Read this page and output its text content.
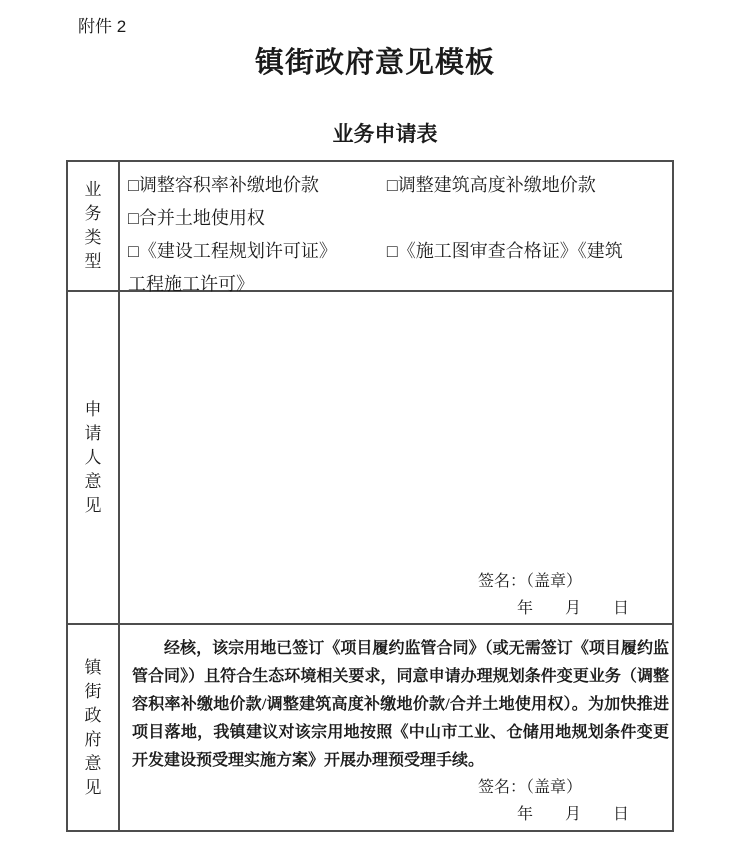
附件 2
镇街政府意见模板
业务申请表
业务类型
□调整容积率补缴地价款	□调整建筑高度补缴地价款
□合并土地使用权
□《建设工程规划许可证》	□《施工图审查合格证》《建筑
工程施工许可》
申请人意见
签名：（盖章）
年　　月　　日
镇街政府意见
经核，该宗用地已签订《项目履约监管合同》（或无需签订《项目履约监管合同》）且符合生态环境相关要求，同意申请办理规划条件变更业务（调整容积率补缴地价款/调整建筑高度补缴地价款/合并土地使用权）。为加快推进项目落地，我镇建议对该宗用地按照《中山市工业、仓储用地规划条件变更开发建设预受理实施方案》开展办理预受理手续。
签名：（盖章）
年　　月　　日
